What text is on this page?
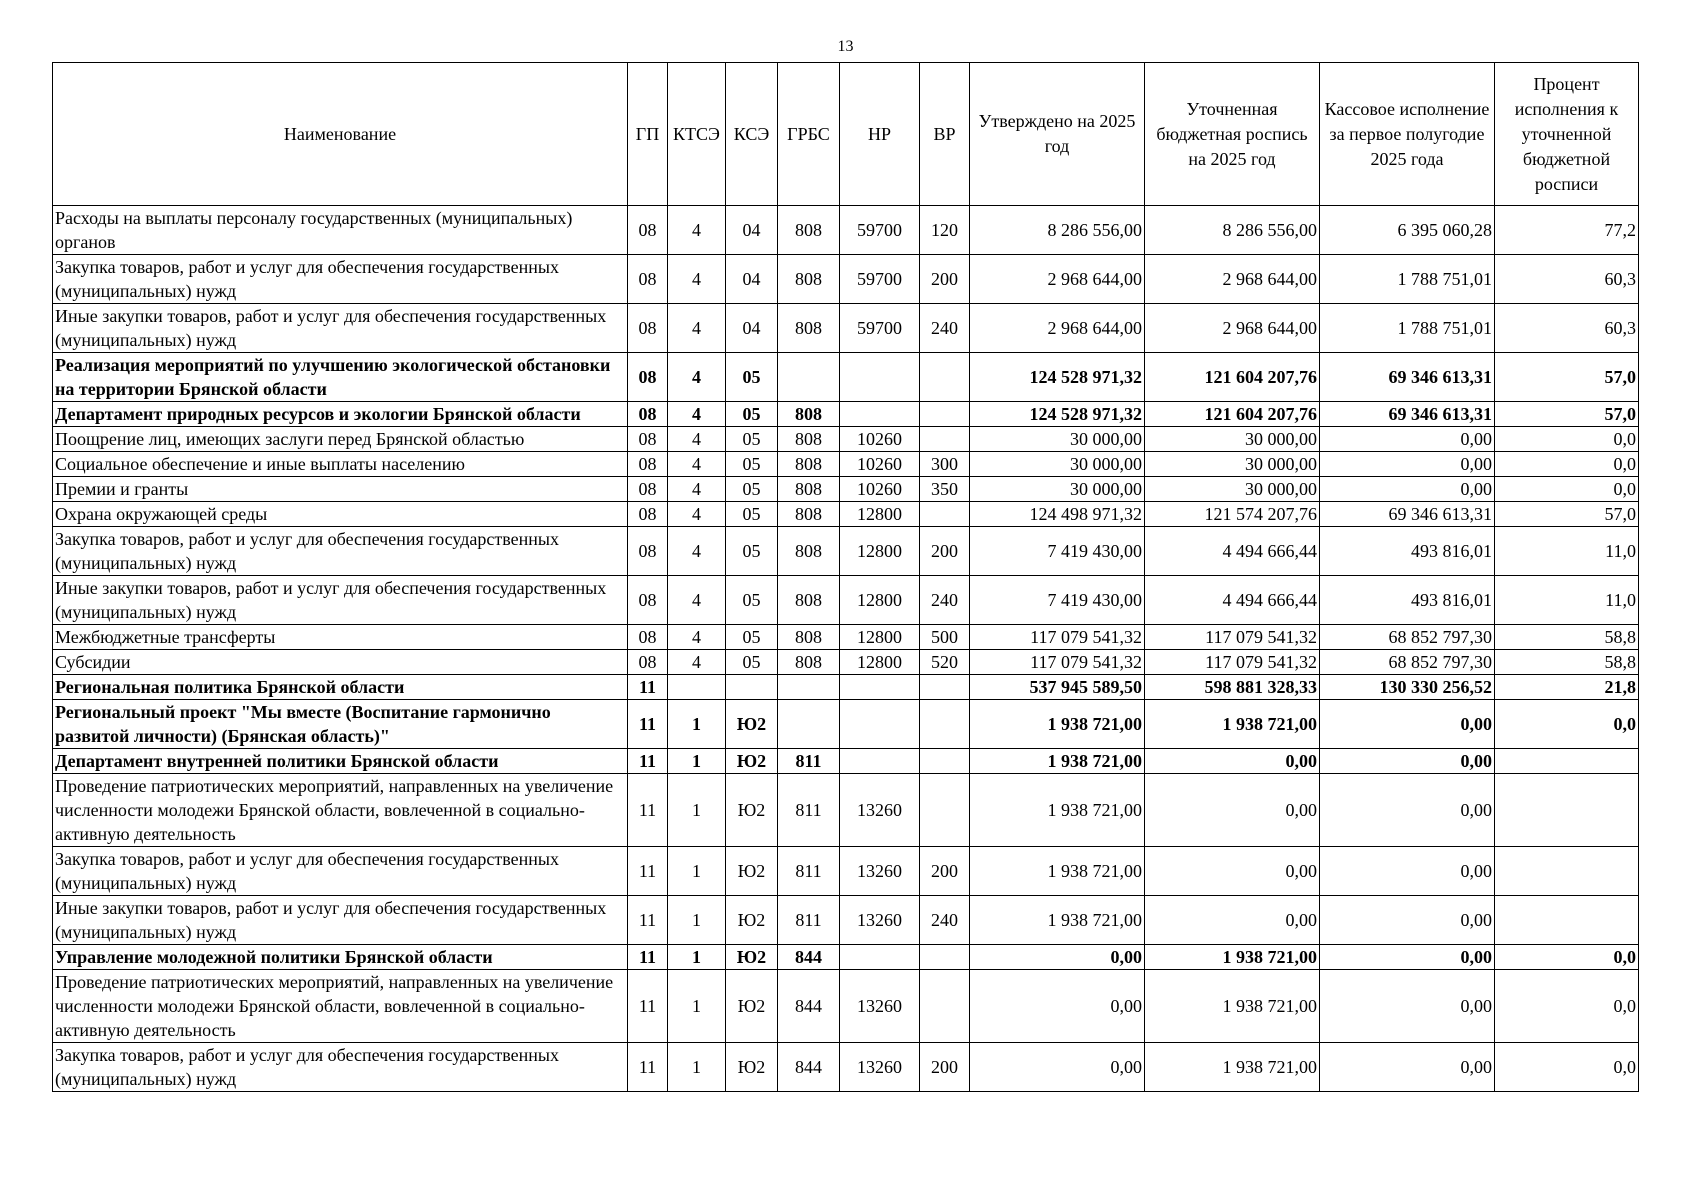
13
Наименование	ГП	КТСЭ	КСЭ	ГРБС	НР	ВР	Утверждено на 2025 год	Уточненная бюджетная роспись на 2025 год	Кассовое исполнение за первое полугодие 2025 года	Процент исполнения к уточненной бюджетной росписи
Расходы на выплаты персоналу государственных (муниципальных) органов	08	4	04	808	59700	120	8 286 556,00	8 286 556,00	6 395 060,28	77,2
Закупка товаров, работ и услуг для обеспечения государственных (муниципальных) нужд	08	4	04	808	59700	200	2 968 644,00	2 968 644,00	1 788 751,01	60,3
Иные закупки товаров, работ и услуг для обеспечения государственных (муниципальных) нужд	08	4	04	808	59700	240	2 968 644,00	2 968 644,00	1 788 751,01	60,3
Реализация мероприятий по улучшению экологической обстановки на территории Брянской области	08	4	05				124 528 971,32	121 604 207,76	69 346 613,31	57,0
Департамент природных ресурсов и экологии Брянской области	08	4	05	808			124 528 971,32	121 604 207,76	69 346 613,31	57,0
Поощрение лиц, имеющих заслуги перед Брянской областью	08	4	05	808	10260		30 000,00	30 000,00	0,00	0,0
Социальное обеспечение и иные выплаты населению	08	4	05	808	10260	300	30 000,00	30 000,00	0,00	0,0
Премии и гранты	08	4	05	808	10260	350	30 000,00	30 000,00	0,00	0,0
Охрана окружающей среды	08	4	05	808	12800		124 498 971,32	121 574 207,76	69 346 613,31	57,0
Закупка товаров, работ и услуг для обеспечения государственных (муниципальных) нужд	08	4	05	808	12800	200	7 419 430,00	4 494 666,44	493 816,01	11,0
Иные закупки товаров, работ и услуг для обеспечения государственных (муниципальных) нужд	08	4	05	808	12800	240	7 419 430,00	4 494 666,44	493 816,01	11,0
Межбюджетные трансферты	08	4	05	808	12800	500	117 079 541,32	117 079 541,32	68 852 797,30	58,8
Субсидии	08	4	05	808	12800	520	117 079 541,32	117 079 541,32	68 852 797,30	58,8
Региональная политика Брянской области	11						537 945 589,50	598 881 328,33	130 330 256,52	21,8
Региональный проект "Мы вместе (Воспитание гармонично развитой личности) (Брянская область)"	11	1	Ю2				1 938 721,00	1 938 721,00	0,00	0,0
Департамент внутренней политики Брянской области	11	1	Ю2	811			1 938 721,00	0,00	0,00	
Проведение патриотических мероприятий, направленных на увеличение численности молодежи Брянской области, вовлеченной в социально-активную деятельность	11	1	Ю2	811	13260		1 938 721,00	0,00	0,00	
Закупка товаров, работ и услуг для обеспечения государственных (муниципальных) нужд	11	1	Ю2	811	13260	200	1 938 721,00	0,00	0,00	
Иные закупки товаров, работ и услуг для обеспечения государственных (муниципальных) нужд	11	1	Ю2	811	13260	240	1 938 721,00	0,00	0,00	
Управление молодежной политики Брянской области	11	1	Ю2	844			0,00	1 938 721,00	0,00	0,0
Проведение патриотических мероприятий, направленных на увеличение численности молодежи Брянской области, вовлеченной в социально-активную деятельность	11	1	Ю2	844	13260		0,00	1 938 721,00	0,00	0,0
Закупка товаров, работ и услуг для обеспечения государственных (муниципальных) нужд	11	1	Ю2	844	13260	200	0,00	1 938 721,00	0,00	0,0
